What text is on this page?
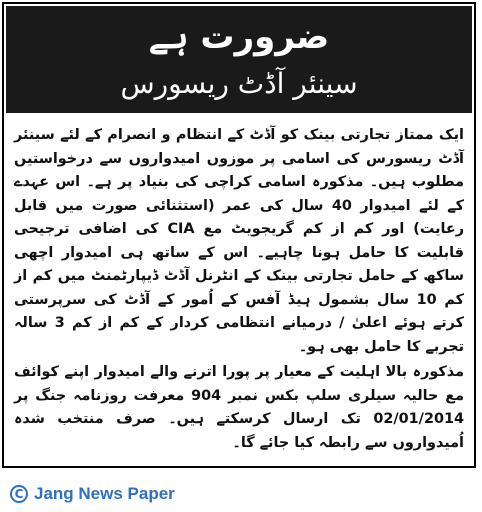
ضرورت ہے
سینئر آڈٹ ریسورس

ایک ممتاز تجارتی بینک کو آڈٹ کے انتظام و انصرام کے لئے سینئر آڈٹ ریسورس کی اسامی پر موزوں امیدواروں سے درخواستیں مطلوب ہیں۔ مذکورہ اسامی کراچی کی بنیاد پر ہے۔ اس عہدے کے لئے امیدوار 40 سال کی عمر (استثنائی صورت میں قابل رعایت) اور کم از کم گریجویٹ مع CIA کی اضافی ترجیحی قابلیت کا حامل ہونا چاہیے۔ اس کے ساتھ ہی امیدوار اچھی ساکھ کے حامل تجارتی بینک کے انٹرنل آڈٹ ڈیپارٹمنٹ میں کم از کم 10 سال بشمول ہیڈ آفس کے اُمور کے آڈٹ کی سرپرستی کرتے ہوئے اعلیٰ / درمیانے انتظامی کردار کے کم از کم 3 سالہ تجربے کا حامل بھی ہو۔

مذکورہ بالا اہلیت کے معیار پر پورا اترنے والے امیدوار اپنے کوائف مع حالیہ سیلری سلپ بکس نمبر 904 معرفت روزنامہ جنگ پر 02/01/2014 تک ارسال کرسکتے ہیں۔ صرف منتخب شدہ اُمیدواروں سے رابطہ کیا جائے گا۔

C Jang News Paper
